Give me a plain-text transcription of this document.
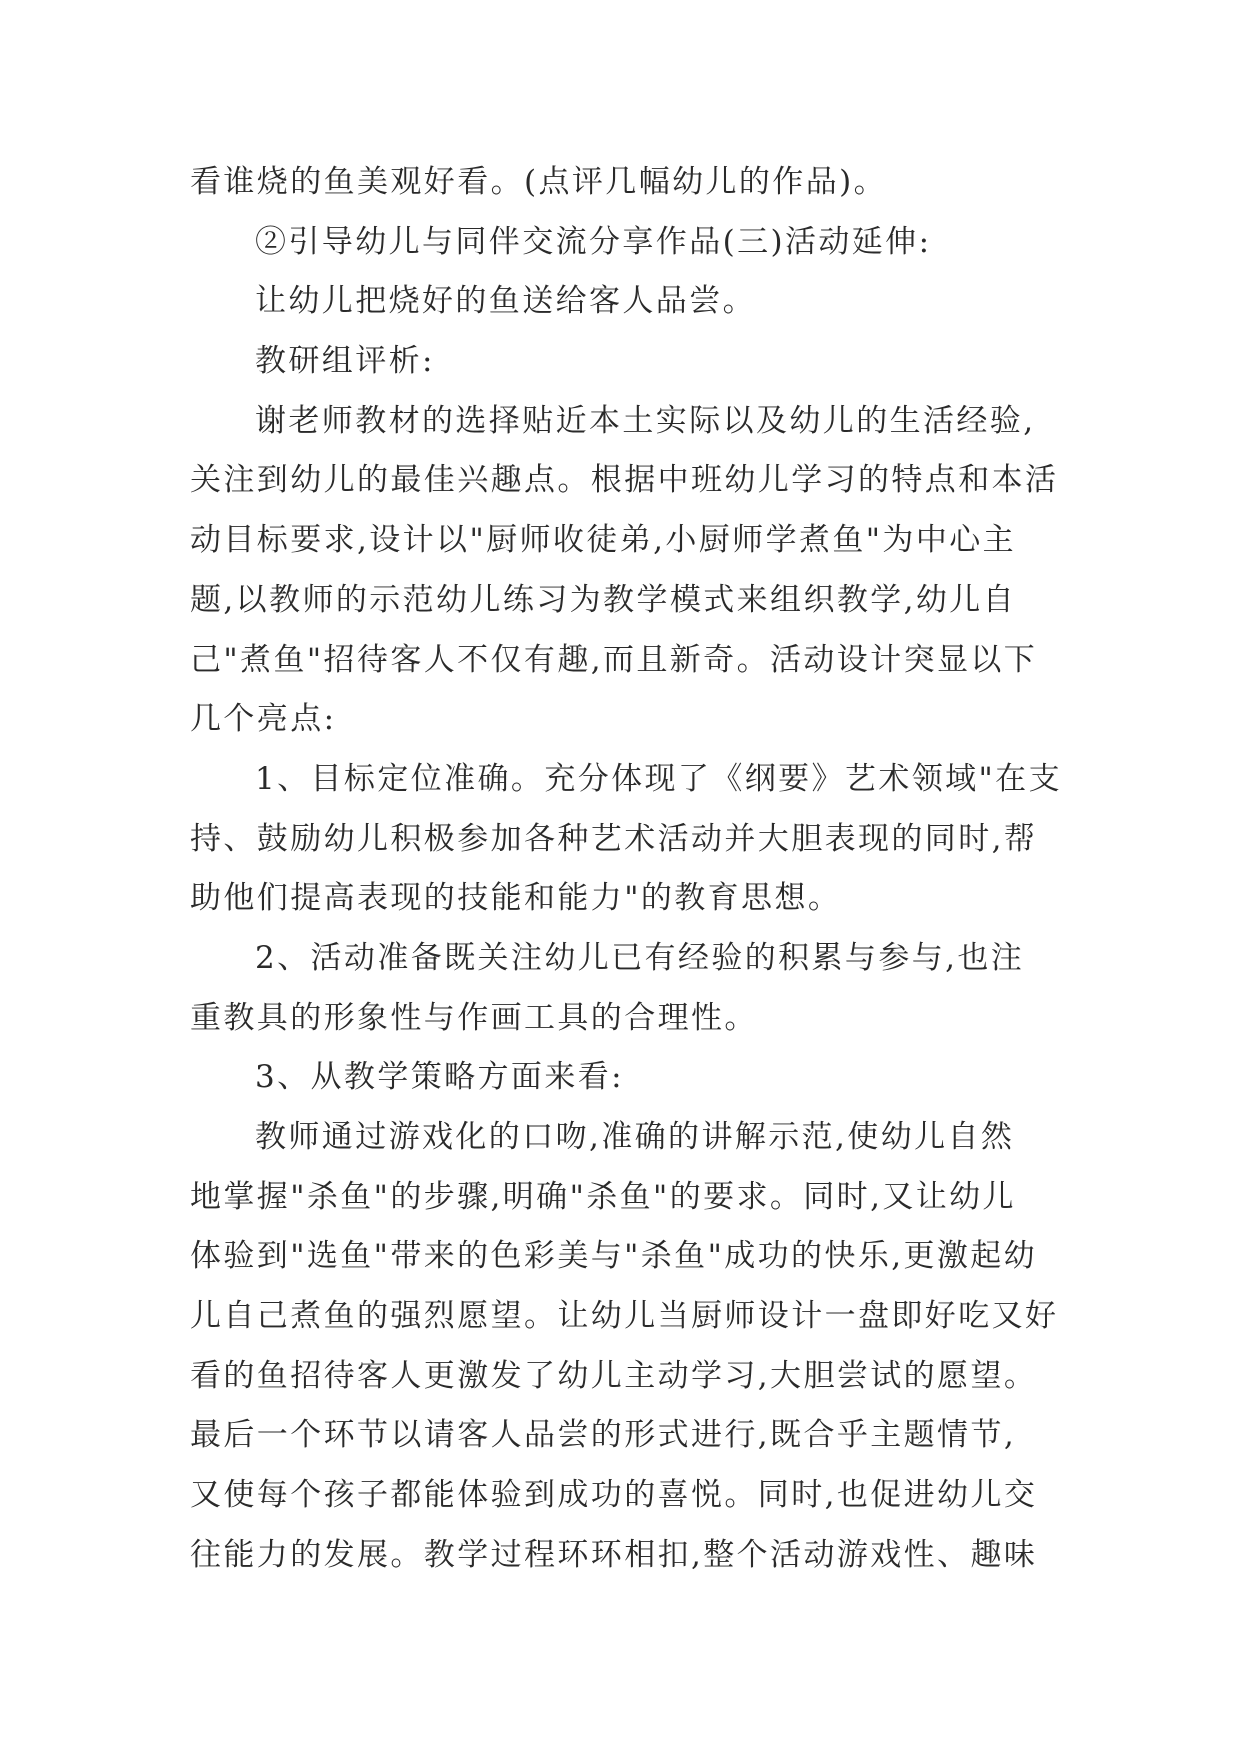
看谁烧的鱼美观好看。(点评几幅幼儿的作品)。
②引导幼儿与同伴交流分享作品(三)活动延伸:
让幼儿把烧好的鱼送给客人品尝。
教研组评析:
谢老师教材的选择贴近本土实际以及幼儿的生活经验,
关注到幼儿的最佳兴趣点。根据中班幼儿学习的特点和本活
动目标要求,设计以"厨师收徒弟,小厨师学煮鱼"为中心主
题,以教师的示范幼儿练习为教学模式来组织教学,幼儿自
己"煮鱼"招待客人不仅有趣,而且新奇。活动设计突显以下
几个亮点:
1、目标定位准确。充分体现了《纲要》艺术领域"在支
持、鼓励幼儿积极参加各种艺术活动并大胆表现的同时,帮
助他们提高表现的技能和能力"的教育思想。
2、活动准备既关注幼儿已有经验的积累与参与,也注
重教具的形象性与作画工具的合理性。
3、从教学策略方面来看:
教师通过游戏化的口吻,准确的讲解示范,使幼儿自然
地掌握"杀鱼"的步骤,明确"杀鱼"的要求。同时,又让幼儿
体验到"选鱼"带来的色彩美与"杀鱼"成功的快乐,更激起幼
儿自己煮鱼的强烈愿望。让幼儿当厨师设计一盘即好吃又好
看的鱼招待客人更激发了幼儿主动学习,大胆尝试的愿望。
最后一个环节以请客人品尝的形式进行,既合乎主题情节,
又使每个孩子都能体验到成功的喜悦。同时,也促进幼儿交
往能力的发展。教学过程环环相扣,整个活动游戏性、趣味
